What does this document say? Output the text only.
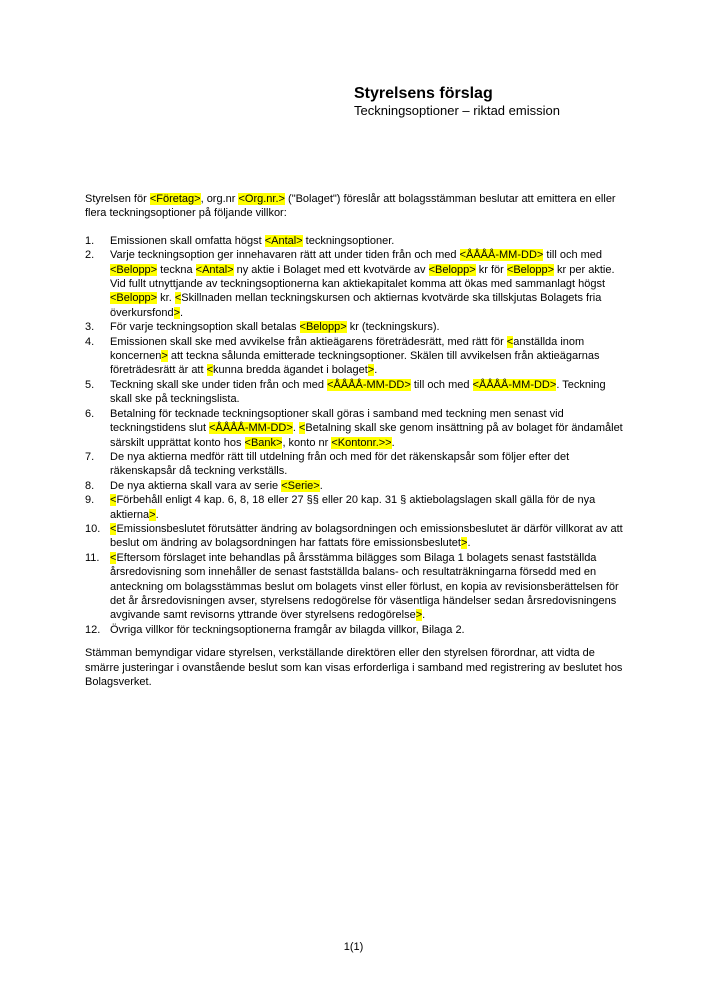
Styrelsens förslag
Teckningsoptioner – riktad emission

Styrelsen för <Företag>, org.nr <Org.nr.> ("Bolaget") föreslår att bolagsstämman beslutar att emittera en eller flera teckningsoptioner på följande villkor:

1. Emissionen skall omfatta högst <Antal> teckningsoptioner.
2. Varje teckningsoption ger innehavaren rätt att under tiden från och med <ÅÅÅÅ-MM-DD> till och med <Belopp> teckna <Antal> ny aktie i Bolaget med ett kvotvärde av <Belopp> kr för <Belopp> kr per aktie. Vid fullt utnyttjande av teckningsoptionerna kan aktiekapitalet komma att ökas med sammanlagt högst <Belopp> kr. <Skillnaden mellan teckningskursen och aktiernas kvotvärde ska tillskjutas Bolagets fria överkursfond>.
3. För varje teckningsoption skall betalas <Belopp> kr (teckningskurs).
4. Emissionen skall ske med avvikelse från aktieägarens företrädesrätt, med rätt för <anställda inom koncernen> att teckna sålunda emitterade teckningsoptioner. Skälen till avvikelsen från aktieägarnas företrädesrätt är att <kunna bredda ägandet i bolaget>.
5. Teckning skall ske under tiden från och med <ÅÅÅÅ-MM-DD> till och med <ÅÅÅÅ-MM-DD>. Teckning skall ske på teckningslista.
6. Betalning för tecknade teckningsoptioner skall göras i samband med teckning men senast vid teckningstidens slut <ÅÅÅÅ-MM-DD>. <Betalning skall ske genom insättning på av bolaget för ändamålet särskilt upprättat konto hos <Bank>, konto nr <Kontonr.>>.
7. De nya aktierna medför rätt till utdelning från och med för det räkenskapsår som följer efter det räkenskapsår då teckning verkställs.
8. De nya aktierna skall vara av serie <Serie>.
9. <Förbehåll enligt 4 kap. 6, 8, 18 eller 27 §§ eller 20 kap. 31 § aktiebolagslagen skall gälla för de nya aktierna>.
10. <Emissionsbeslutet förutsätter ändring av bolagsordningen och emissionsbeslutet är därför villkorat av att beslut om ändring av bolagsordningen har fattats före emissionsbeslutet>.
11. <Eftersom förslaget inte behandlas på årsstämma bilägges som Bilaga 1 bolagets senast fastställda årsredovisning som innehåller de senast fastställda balans- och resultaträkningarna försedd med en anteckning om bolagsstämmas beslut om bolagets vinst eller förlust, en kopia av revisionsberättelsen för det år årsredovisningen avser, styrelsens redogörelse för väsentliga händelser sedan årsredovisningens avgivande samt revisorns yttrande över styrelsens redogörelse>.
12. Övriga villkor för teckningsoptionerna framgår av bilagda villkor, Bilaga 2.

Stämman bemyndigar vidare styrelsen, verkställande direktören eller den styrelsen förordnar, att vidta de smärre justeringar i ovanstående beslut som kan visas erforderliga i samband med registrering av beslutet hos Bolagsverket.

1(1)
